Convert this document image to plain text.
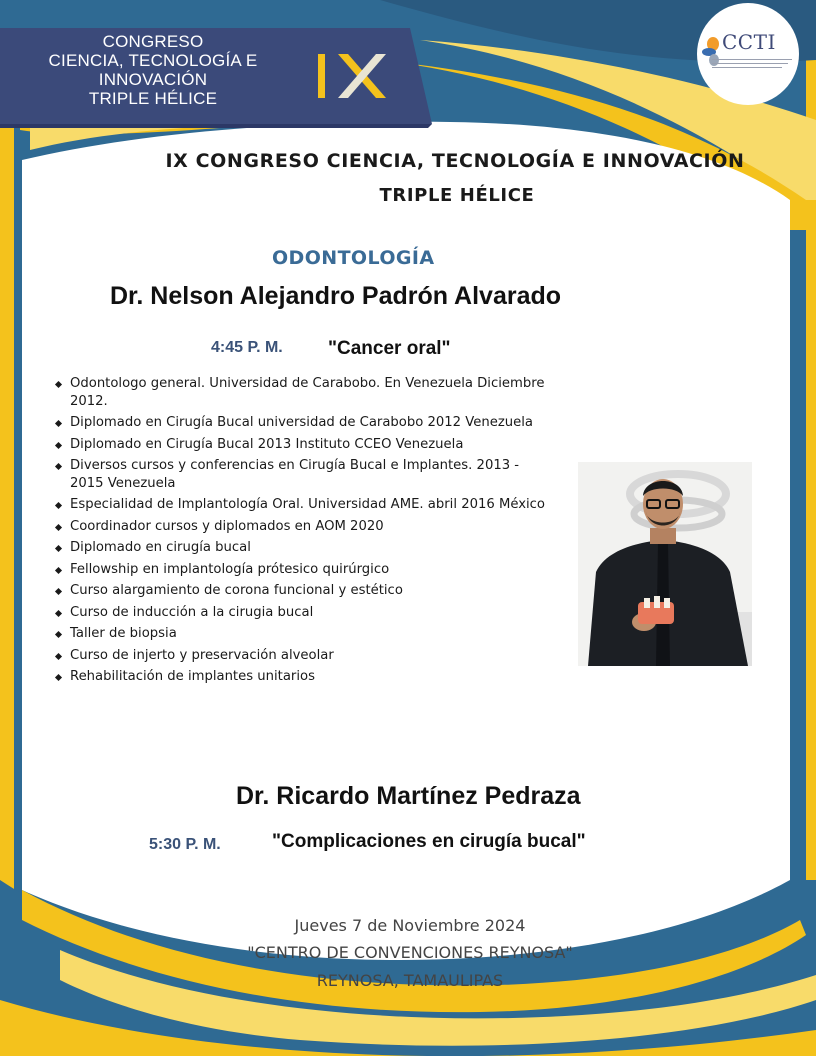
CONGRESO
CIENCIA, TECNOLOGÍA E
INNOVACIÓN
TRIPLE HÉLICE
CCTI
IX CONGRESO CIENCIA, TECNOLOGÍA E INNOVACIÓN
TRIPLE HÉLICE
ODONTOLOGÍA
Dr. Nelson Alejandro Padrón Alvarado
4:45 P. M. "Cancer oral"
Odontologo general. Universidad de Carabobo. En Venezuela Diciembre 2012.
Diplomado en Cirugía Bucal universidad de Carabobo 2012 Venezuela
Diplomado en Cirugía Bucal 2013 Instituto CCEO Venezuela
Diversos cursos y conferencias en Cirugía Bucal e Implantes. 2013 - 2015 Venezuela
Especialidad de Implantología Oral. Universidad AME. abril 2016 México
Coordinador cursos y diplomados en AOM 2020
Diplomado en cirugía bucal
Fellowship en implantología prótesico quirúrgico
Curso alargamiento de corona funcional y estético
Curso de inducción a la cirugia bucal
Taller de biopsia
Curso de injerto y preservación alveolar
Rehabilitación de implantes unitarios
Dr. Ricardo Martínez Pedraza
5:30 P. M.	"Complicaciones en cirugía bucal"
Jueves 7 de Noviembre 2024
"CENTRO DE CONVENCIONES REYNOSA"
REYNOSA, TAMAULIPAS
